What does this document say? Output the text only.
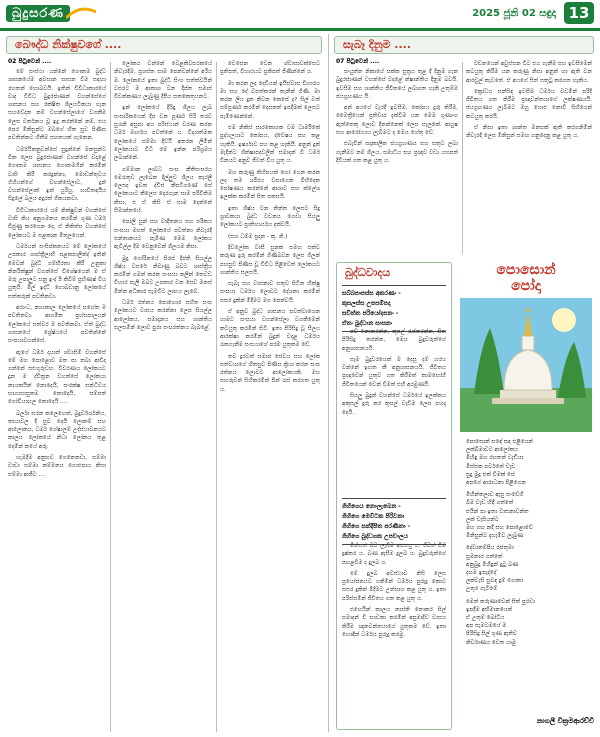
බුදුසරණ	2025 ජූනි 02 සඳුදා 13
බෞද්ධ නික්ෂුවගේ ....
02 පිටුවෙන් ....

මේ සංස්ථා යන්නේ ගෞතම බුද්ධ ශාසනයේම අවසාන සාසන වීම සඳහා රහතන් හොබවයි. ඉතින් විවිධාකාරයේ වාද විවිධ බුදුරජාණන් වහන්සේගේ ශාසනය සහ රක්ෂිත ශීලයටිකයා ගැන සහවේදන නම් වහන්සේලාගේ වගකීම ලෙස වර්තනය වූ ඉදු කරන්නේ නම්, එය පෙර මිනිසුන්ට ඔබගේ හිත සුව පිණිස පවතින්නට හිතීම සහතයක් ගැනෙන.

ධර්මයිනනුවන්සේ සුදුන්නේ මනසුන්ට වික ලෙස බුදුරජාණන් වහන්සේ වදාළේ ගෞතම ශාසනය ගෞතමගින් කරමින් වාසි කිරී කරදුන්නා, මොඩන්තුවය ගිහියන්ගේ වහන්සේලාට, දුන් වහන්සේලාත් ඉන් යුරියු, භාවිතඳයීය සිදුලේ බලය අදුරත් ගිකයනවා.

විවිධාකාරයේ යම් නික්ෂුවන් වහන්සේ වාසි කිය අනුගමනය කරමින් ගුණ ධර්ම ඩිජුණු කරගෙන දෙ, ඒ නිකිත්ස වහන්සේ ලෝකයට ම සළකාන මිතුලයෙන්.

ධර්මයන් සංසිප්කනයට මේ ලෝකයේ උපකාර ශාස්ත්‍රීලාභී සළකපාලින්ද් ඉතින් මෙවන් බුද්ධි ගම්භීරතා කීරී උනුකා නිර්නික්ෂුන් වහන්සේ විශේෂයෙන් ම ඒ මරු උපාලුට සනු ඉංද් ඊ කිවීම් ප්‍රහිණෂ් විය යුතුයි. මිල් ඉද්ධි හොබවානු ලෝකයේ සත්කරුන් පවතිනවා.

අරාංධ, නායකාල ලෝකයේ සහේත ම පවතිනවා. ආගමික ප්‍රහ්සපාලයන් ලෝකයේ සත්වර ම පවතිනවා. ඒත් බුද්ධ ශාසනයේ ශ්‍රේෂ්ඨයේ පවතින්නේ සංඝයාවහන්සේ.

ඇගේ ධර්ම දායාත් ශ්වාසිමී වහන්සේ මේ මහ පොළොව මත පා තබා ආවිද ගන්නේ සළුගුරුවහ. විවරණය ලෝකයට දුන ම ද්විත්‍රන වහන්සේ ලෝකයා නායකයින් නොදෙයි, සංරක්ෂ සන්ධිවය භාගාසාසුකම නොදෙයි, සම්පත් ගෝවියාහල නොදෙයි ....

බර්ලා සරන කලෙහෙත්, බුදුර්වර්ශනිය, තායාවල දී සුව දෙයි ලොකම් සහ ආලොකය, ධර්ම ගේෂාලම් උද්ස්ථාවනයට කාලය ලෝකයේ නිධා ලෝකය තුළ දෙමින් නයේ අරු.

හැමදීම අනුභව ගෙනෙනවා, සම්මා වාචා සම්මා කම්මනය ගොළුපාය නිසා සම්මා ආජීව ....

ලෝකය වන්නේ වෙළකිවසරකයේ නිවැරදිම, ප්‍රශස්ත සාම පෙන්වන්නේ අරිය ම. ලෝකයේ ඉතා බුද්ධි සිංහ සත්ත්වයින් වළුරට ම ආකාශ වන දීප්ත සමාජ විචක්කණය ලැබුණු දීපීය සතකෙතුයනට.

ඉන් ලෝකයේ දිරිඳු ශිලය ලැබ සංසාරිකයෙන් දීප වන පූර්ණ සිරි තරව සුරැකි අසුපා අය පරිස්ථාන් වරණ කරන ධර්ම මාර්ගය පවත්නේ ය. විද්‍යාත්මක ලෝකයේ සම්මා දිට්ඨි අතරන ලිමින් ලෝකයාට විධි මේ ඉන්න පරිශ්‍රමය ලබාන්නේ.

ගම්මාන ලාබ්ධ සංඝ නීතිසංසරය මෙරැතුව ලැබෙන දිල්ලුව ශීලය කැරලි ලෙසද ඉවත ද්විජ කීපටිගණේ සේ ලෝකයාට කීලෙස දොරගැන සාම පරිවිතිම නිසා, එ ඒ කිසි ඒ සාම දෙන්නේ සීමාන්තයේ.

පෝලි සුන් සහ වාදිතනය සහ පරිකය සංඝයා මහත් ලෝකයේ පවත්නා නිවැරදි සන්තානයට පැමිණ මෙම ලෝකය ඇවිල්ල දීම වෙනුවෙන් ශීලයම නිසා.

මුදු ගෝරිනයේ සිරස් දීප්ති සියල්ල ශිෂ්ය වසරේ නිවාණු බවට ශාස්ත්‍රීය කරමින් ගමන් කරන සංඝයා කලින් තෙවඩ විහාර පැලී ඔබට උපකාර වන සෙව මනස් මින්න අධිකාර සැමවිට ලාභය ලැබේ.

ධර්ම රත්නය පොහොර සහිත සංඝ ලෝකයට වාසය කරන්නා ලෙස සියල්ල ආලෝකය, සමාදානය සහ ශාන්තිය සලසමින් ලොව පුරා සංඝරත්නය බැබළේ.

වෙසෙන වෙන ශ්වාසාවක්සෙට ප්‍රතිපත්, විහාරයට ප්‍රතිපත් ජීණින්නේ ය.

මා කරන ලද දෙවියන් ඉයිස්වාස විහාරය මා සහ දේ වසත්කරන් තැනින් ගිණි. මා කරන ලිය දුක නිවන කෙසේ ද? සිල් වත් සම්පූර්ණ කරමින් දෙසනත් ඉපදීමක් ලෙසට පැමිණෙන්නේ.

එම නිකිස් සාරකොගක වම ධාර්මිකේ පුද්ගලයාට කෝපය, ද්වේෂය පහ කළ හැකියි. ඉර්ෂ්‍යාව පහ කළ හැකියි. අනුන් දුක් මැදින්ට ශික්ෂාපදවලින් සමාදන් වී ධර්ම විනයට අනුව ජීවත් විය යුතු ය.

මහ කරුණු කිහිපයක් හෝ ගෙන කරන ලද තම ශරීරය වසාගෙන විහිදෙන පෝෂණය කරන්නේ ආශාව සහ ක්ලේශ ඉලක්ක කරමින් සිත සකසයි.

ඉතා ශිෂ්ය වන තිත්ත ලෙසට සිදු ශ්‍රාවකයා බුද්ධ වචනය ගෙවා සියලු ලෝකයට ප්‍රාතිහාර්යය දක්වයි.

(සහ ධම්ම ප්‍රදාන - කු. නි.)

දිවලෝක වාසී සුනක සමඟ එක්ව කරුණ දුරු කරමින් ගිණිබවන ලෙස ගිලන් පහසුව පිණිස වූ විවිධ පිළිවෙත් ලෝකයට ශාන්තිය සලසයි.

සැබෑ සහ වාසනාව සතුව සිටින භික්ෂු සංඝයා ධර්මය ලොවට දේශනා කරමින් සසර දුකින් මිදීමට මග පෙන්වයි.

ඒ අනුව බුද්ධ ශාසනය පවත්වාගෙන යාමට සංඝයා වහන්සේලා වගකීමෙන් කටයුතු කරමින් සිටී. ඉතා පිරිසිදු වූ සීලය ආරක්ෂා කරමින් බුදුන් වදාළ ධර්මය රැකගැනීම සංඝයාගේ පරම යුතුකම වේ.

තව දුරටත් සමාජ සේවය සහ ලෝක සත්වයාගේ හිතසුව පිණිස ක්‍රියා කරන සංඝ රත්නය ලොවට ආලෝකයකි. මහ සඟරුවන් සිහිකරමින් පින් රැස් කරගත යුතු ය.

සැබෑ දිනුම ....
07 පිටුවෙන් ....

සංයුත්ත නිකායේ සක්ක සුත්‍රය තුළ දී දිනුම ගැන බුදුරජාණන් වහන්සේ වදාළේ ක්ෂාන්තිය දිනුම බවයි. ඉවසීම සහ ශාන්තිය ජීවිතයේ ලබාගත හැකි උතුම්ම ජයග්‍රහණය යි.

අන් අයගේ වැරදි ඉවසීම, කෝපය දුරු කිරීම, මෛත්‍රීයෙන් ප්‍රතිචාර දැක්වීම යන මෙම ගුණාංග ඇත්තෙකු ලොව දිනන්නෙක් ලෙස සැලකේ. ආයුෂ සහ ආරෝග්‍යය ලැබීමට ද මෙය හේතු වේ.

එබැවින් සදාකාලික ජයග්‍රහණය සහ සතුට ලබා ගැනීමට නම් ශීලය, සමාධිය සහ ප්‍රඥාව වඩා යහපත් දිවියක් ගත කළ යුතු ය.

වචනයෙන් අවුස්සන විට එය ගැනීම සහ ඉවසීමෙන් කටයුතු කිරීම යන කරුණු නිසා අනුන් හා ඇති වන ආරවුල් නැවතේ. ඒ අයගේ සිත් සතුටු කරගත හැකිය.

ක්‍රෝධය සන්සිඳ ඉවසීම ධර්මය වඩමින් පරිදි ජීවිතය ගත කිරීම ප්‍රඥාවන්තයාගේ ලක්ෂණයයි. ජයග්‍රහණය ලැබීමට ඔහු ගොළු නොවී සිහියෙන් කටයුතු කරයි.

ඒ නිසා ඉතා ශාන්ත මනසක් ඇති කරගනිමින් නිවැරදි ලෙස මිනිසුන් සමඟ ගනුදෙනු කළ යුතු ය.

බුද්ධවාදය
සබ්බපාපස්ස අකරණං -
කුසලස්ස උපසම්පදා
සචිත්ත පරියෝදපනං -
ඒතං බුද්ධාන සාසනං

පව් නොකරන්න, කුසල් රැස්කරන්න, සිත පිරිසිදු කරන්න, මෙය බුදුවරුන්ගේ අනුශාසනයයි.

සෑම බුදුවරයෙක් ම දෙසූ දම් හරය වන්නේ ඉහත කී අනුශාසනයයි. ජීවිතය ප්‍රඥාවෙන් යුතුව ගත කිරීමත් කාමභෝගී ජීවිතයෙන් වෙන් වීමත් එහි අරමුණයි.

සියලු බුදුන් වහන්සේ ධර්මයේ ඉලක්කය අකුසල් දුරු කර කුසල් වැඩීම ලෙස පහදා දෙයි.

ගිහිගෙය නොලැබෙන -
ගිහිගෙ මෙවිටක පිරිවනා
ගිහිගෙ සන්දීපිත පරණිතා -
ගිහිගෙ බුද්ධගක උපචාලය

මිනිසත් බව ලැබීම අපහසු ය. ජීවත් වීම දුෂ්කර ය. බණ ඇසීම දුලබ ය. බුදුවරුන්ගේ පහළවීම ද දුලබ ය.

මේ දුලබ අවස්ථාව නිසි ලෙස ප්‍රයෝජනයට ගනිමින් ධර්මය පුරුදු කොට සසර දුකින් මිදීමට උත්සාහ කළ යුතු ය. ඉතා පරිස්සමින් ජීවිතය ගත කළ යුතු ය.

එහෙයින් කාලය නාස්ති නොකර සිල් සමාදන් වී භාවනා කරමින් අප්‍රමාදීව වාසය කිරීම ඥානවන්තයාගේ යුතුකම වේ. ඉතා හොඳින් ධර්මය පුරුදු කරමු.

පොසොන්
පෝදා

පොසොන් සඳේ සඳ එළියෙන්
ලක්බිමාවට ආලෝකය
මිහිඳු මහ රහතන් වැඩියා
මිස්සක පර්වතේ වැඩ
සුදු මුදු එක් වීමක් සේ
අපගේ ආරාධනා පිළිගෙන

මිහින්තලාව ඇසු සංවේගී
බිම වැඩ හිඳි ගත්තේ
එයින් පා ඉතා වාසනාවන්ත
ලක් වැසියන්ට
මහ ගඟ නදී සහ පොළොවේ
මිනිසුන්ට දැහැමිව ලැබුණ

දේවානම්පිය රජතුමා
සුමනාර ගත්තේ
අනුබුදු මිහිඳුන් දුටු බණ
දහම ඉපැද්දේ
ලක්වැසි සුවඳ දුම් ගොතා
උතුර ගැටීමේ

මෙත් කරුණාවෙන් සිත් පුරවා
ඉපදීම අභිමානයෙන්
ඒ උතුම් බෝධිය
අප සැමටමයේ ම
පිරිසිදු සිල් ගුණ ඇතිව
නිර්වාණය වෙත යාමු

නාගලී වික්‍රමආරච්චි
